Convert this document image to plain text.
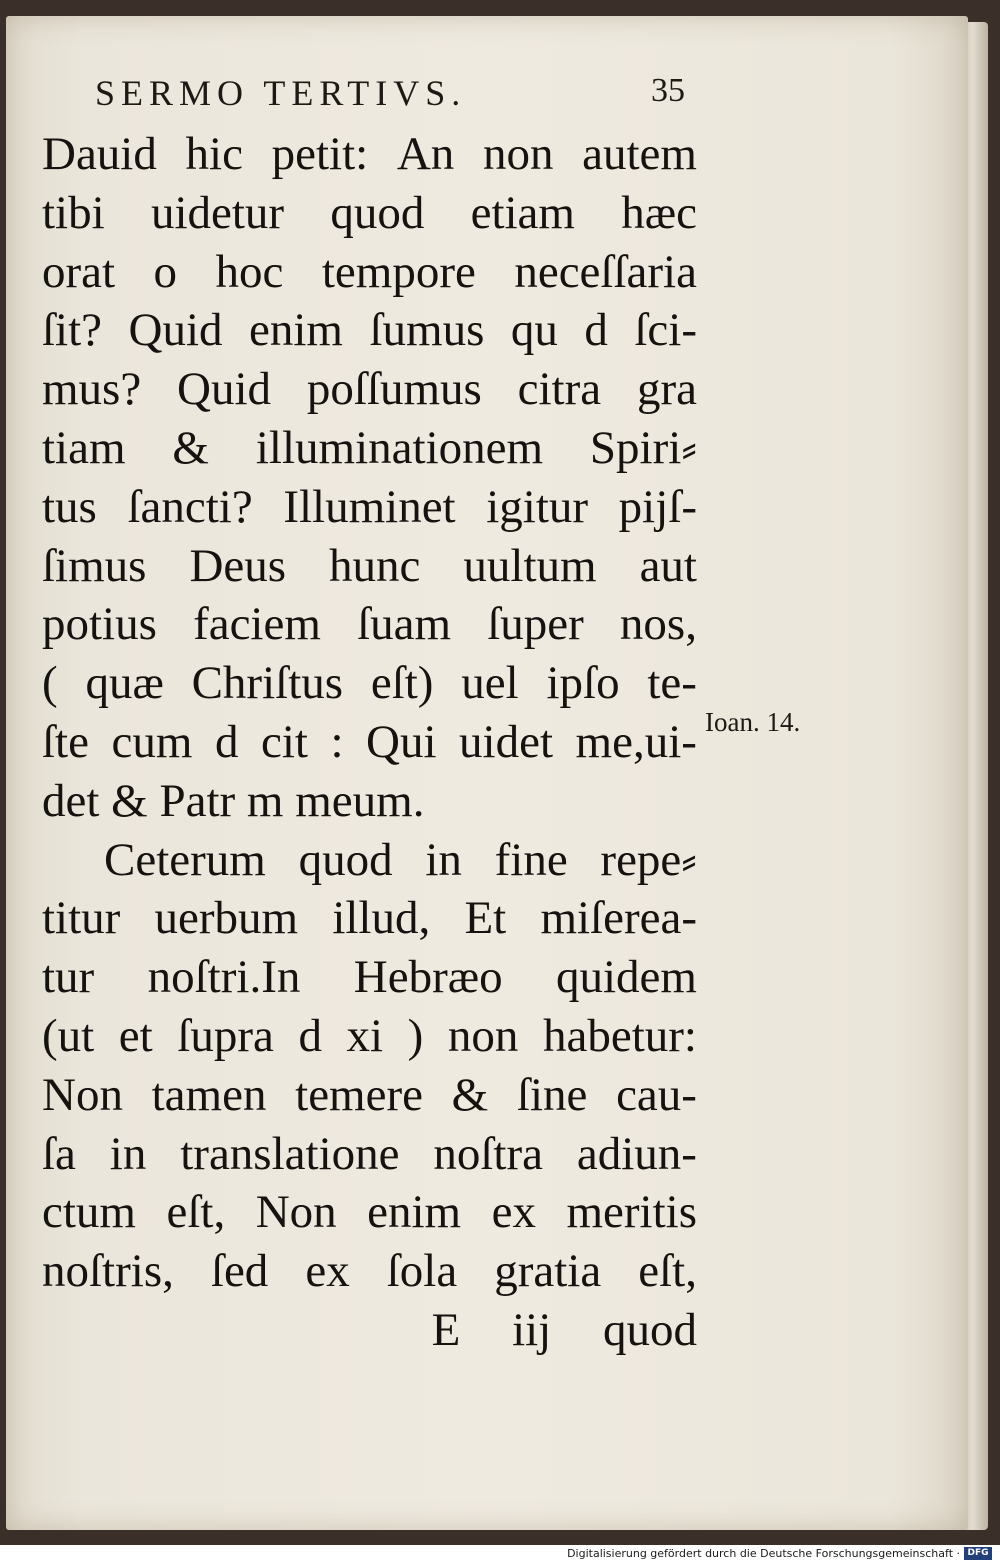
SERMO TERTIVS.	35
Dauid hic petit: An non autem
tibi uidetur quod etiam hæc
orat o hoc tempore neceſſaria
ſit? Quid enim ſumus qu d ſci-
mus? Quid poſſumus citra gra
tiam & illuminationem Spiri⸗
tus ſancti? Illuminet igitur pijſ-
ſimus Deus hunc uultum aut
potius faciem ſuam ſuper nos,
( quæ Chriſtus eſt) uel ipſo te-
ſte cum d cit : Qui uidet me,ui-
det & Patr m meum.
Ceterum quod in fine repe⸗
titur uerbum illud, Et miſerea-
tur noſtri.In Hebræo quidem
(ut et ſupra d xi ) non habetur:
Non tamen temere & ſine cau-
ſa in translatione noſtra adiun-
ctum eſt, Non enim ex meritis
noſtris, ſed ex ſola gratia eſt,
E iij quod
Ioan. 14.
Digitalisierung gefördert durch die Deutsche Forschungsgemeinschaft · DFG
